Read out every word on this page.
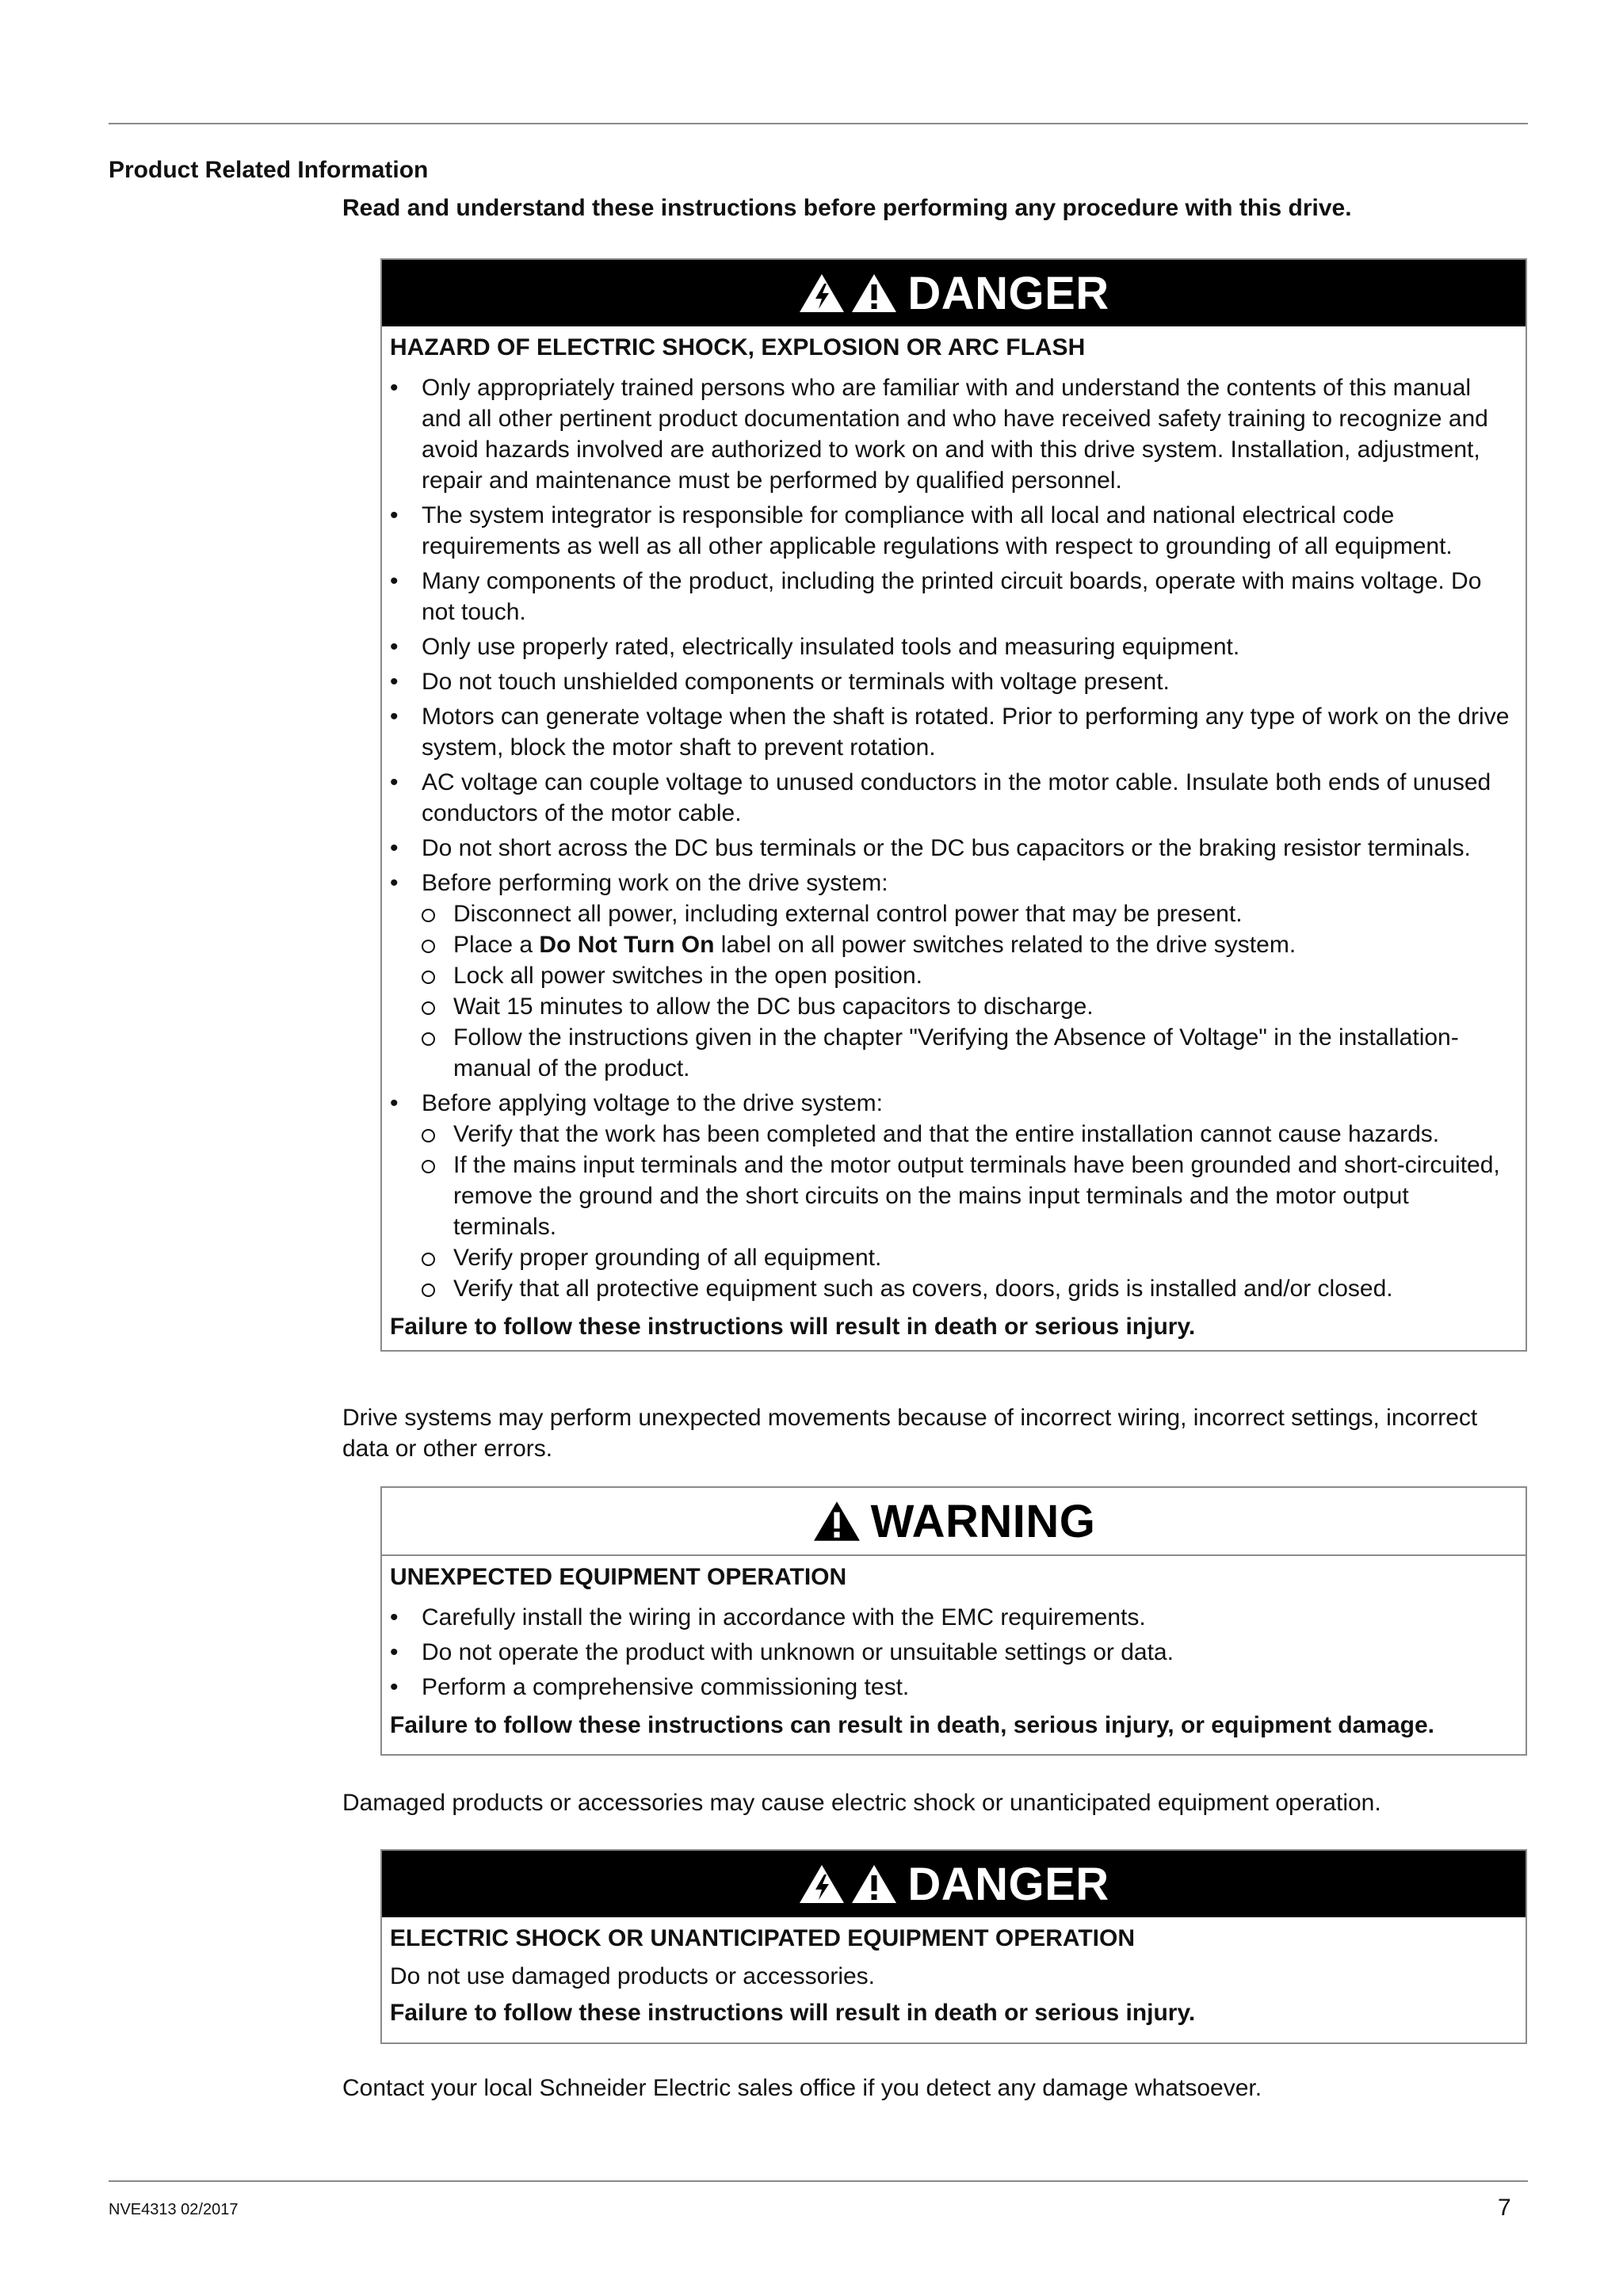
Product Related Information
Read and understand these instructions before performing any procedure with this drive.
DANGER
HAZARD OF ELECTRIC SHOCK, EXPLOSION OR ARC FLASH
• Only appropriately trained persons who are familiar with and understand the contents of this manual and all other pertinent product documentation and who have received safety training to recognize and avoid hazards involved are authorized to work on and with this drive system. Installation, adjustment, repair and maintenance must be performed by qualified personnel.
• The system integrator is responsible for compliance with all local and national electrical code requirements as well as all other applicable regulations with respect to grounding of all equipment.
• Many components of the product, including the printed circuit boards, operate with mains voltage. Do not touch.
• Only use properly rated, electrically insulated tools and measuring equipment.
• Do not touch unshielded components or terminals with voltage present.
• Motors can generate voltage when the shaft is rotated. Prior to performing any type of work on the drive system, block the motor shaft to prevent rotation.
• AC voltage can couple voltage to unused conductors in the motor cable. Insulate both ends of unused conductors of the motor cable.
• Do not short across the DC bus terminals or the DC bus capacitors or the braking resistor terminals.
• Before performing work on the drive system:
Disconnect all power, including external control power that may be present.
Place a Do Not Turn On label on all power switches related to the drive system.
Lock all power switches in the open position.
Wait 15 minutes to allow the DC bus capacitors to discharge.
Follow the instructions given in the chapter "Verifying the Absence of Voltage" in the installation-manual of the product.
• Before applying voltage to the drive system:
Verify that the work has been completed and that the entire installation cannot cause hazards.
If the mains input terminals and the motor output terminals have been grounded and short-circuited, remove the ground and the short circuits on the mains input terminals and the motor output terminals.
Verify proper grounding of all equipment.
Verify that all protective equipment such as covers, doors, grids is installed and/or closed.
Failure to follow these instructions will result in death or serious injury.
Drive systems may perform unexpected movements because of incorrect wiring, incorrect settings, incorrect data or other errors.
WARNING
UNEXPECTED EQUIPMENT OPERATION
• Carefully install the wiring in accordance with the EMC requirements.
• Do not operate the product with unknown or unsuitable settings or data.
• Perform a comprehensive commissioning test.
Failure to follow these instructions can result in death, serious injury, or equipment damage.
Damaged products or accessories may cause electric shock or unanticipated equipment operation.
DANGER
ELECTRIC SHOCK OR UNANTICIPATED EQUIPMENT OPERATION
Do not use damaged products or accessories.
Failure to follow these instructions will result in death or serious injury.
Contact your local Schneider Electric sales office if you detect any damage whatsoever.
NVE4313 02/2017	7
